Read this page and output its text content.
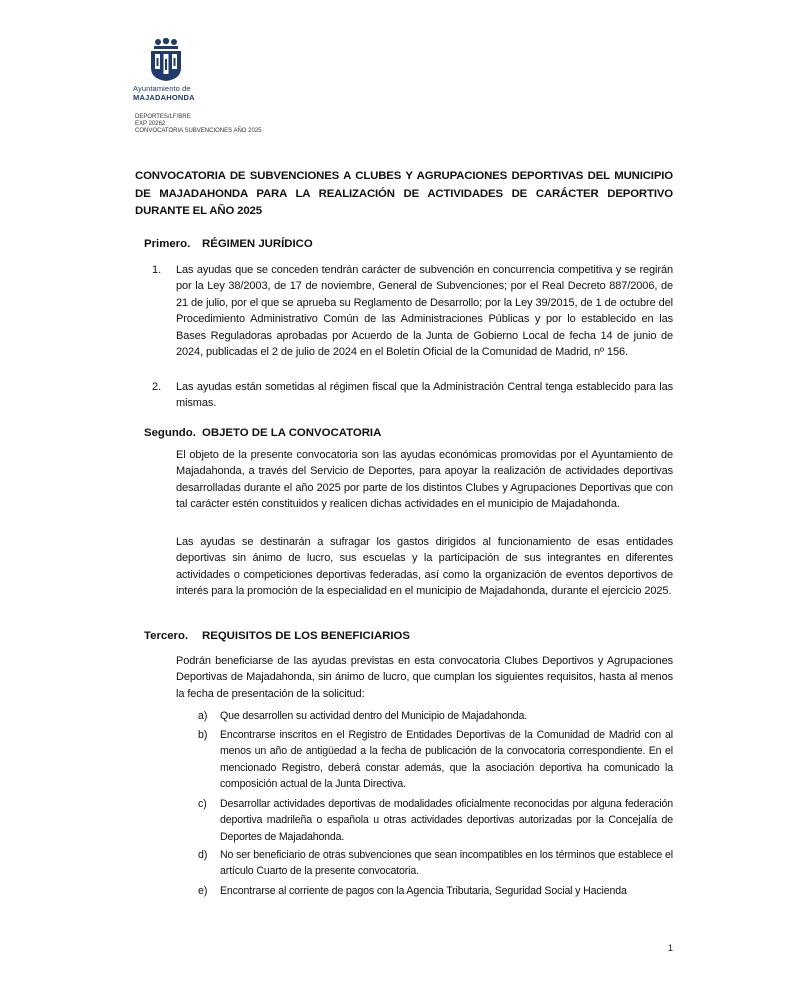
Ayuntamiento de
MAJADAHONDA
DEPORTES/LF/BRE
EXP 20262
CONVOCATORIA SUBVENCIONES AÑO 2025
CONVOCATORIA DE SUBVENCIONES A CLUBES Y AGRUPACIONES DEPORTIVAS DEL MUNICIPIO DE MAJADAHONDA PARA LA REALIZACIÓN DE ACTIVIDADES DE CARÁCTER DEPORTIVO DURANTE EL AÑO 2025
Primero. RÉGIMEN JURÍDICO
1. Las ayudas que se conceden tendrán carácter de subvención en concurrencia competitiva y se regirán por la Ley 38/2003, de 17 de noviembre, General de Subvenciones; por el Real Decreto 887/2006, de 21 de julio, por el que se aprueba su Reglamento de Desarrollo; por la Ley 39/2015, de 1 de octubre del Procedimiento Administrativo Común de las Administraciones Públicas y por lo establecido en las Bases Reguladoras aprobadas por Acuerdo de la Junta de Gobierno Local de fecha 14 de junio de 2024, publicadas el 2 de julio de 2024 en el Boletín Oficial de la Comunidad de Madrid, nº 156.
2. Las ayudas están sometidas al régimen fiscal que la Administración Central tenga establecido para las mismas.
Segundo. OBJETO DE LA CONVOCATORIA
El objeto de la presente convocatoria son las ayudas económicas promovidas por el Ayuntamiento de Majadahonda, a través del Servicio de Deportes, para apoyar la realización de actividades deportivas desarrolladas durante el año 2025 por parte de los distintos Clubes y Agrupaciones Deportivas que con tal carácter estén constituidos y realicen dichas actividades en el municipio de Majadahonda.
Las ayudas se destinarán a sufragar los gastos dirigidos al funcionamiento de esas entidades deportivas sin ánimo de lucro, sus escuelas y la participación de sus integrantes en diferentes actividades o competiciones deportivas federadas, así como la organización de eventos deportivos de interés para la promoción de la especialidad en el municipio de Majadahonda, durante el ejercicio 2025.
Tercero. REQUISITOS DE LOS BENEFICIARIOS
Podrán beneficiarse de las ayudas previstas en esta convocatoria Clubes Deportivos y Agrupaciones Deportivas de Majadahonda, sin ánimo de lucro, que cumplan los siguientes requisitos, hasta al menos la fecha de presentación de la solicitud:
a) Que desarrollen su actividad dentro del Municipio de Majadahonda.
b) Encontrarse inscritos en el Registro de Entidades Deportivas de la Comunidad de Madrid con al menos un año de antigüedad a la fecha de publicación de la convocatoria correspondiente. En el mencionado Registro, deberá constar además, que la asociación deportiva ha comunicado la composición actual de la Junta Directiva.
c) Desarrollar actividades deportivas de modalidades oficialmente reconocidas por alguna federación deportiva madrileña o española u otras actividades deportivas autorizadas por la Concejalía de Deportes de Majadahonda.
d) No ser beneficiario de otras subvenciones que sean incompatibles en los términos que establece el artículo Cuarto de la presente convocatoria.
e) Encontrarse al corriente de pagos con la Agencia Tributaria, Seguridad Social y Hacienda
1
